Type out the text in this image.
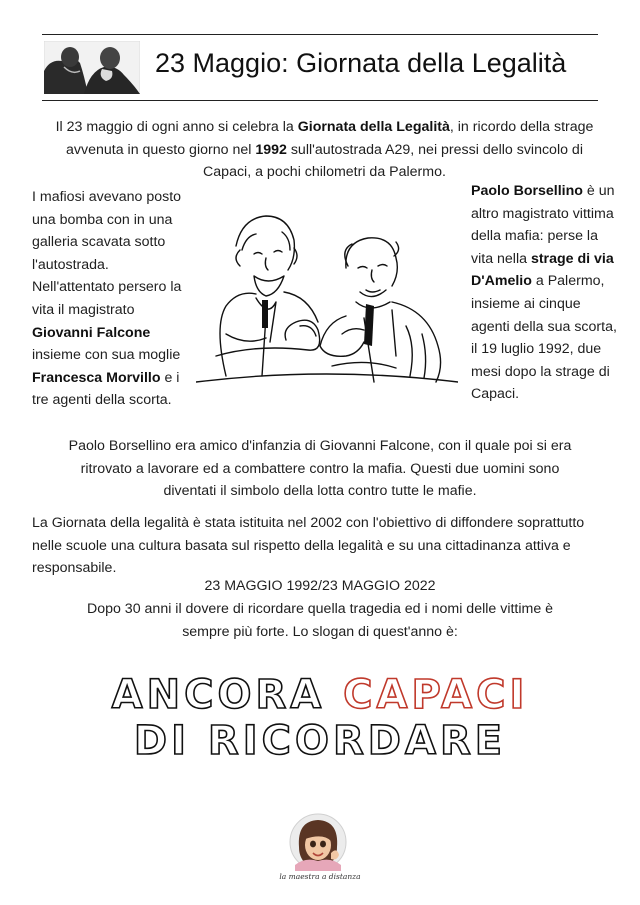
23 Maggio: Giornata della Legalità
Il 23 maggio di ogni anno si celebra la Giornata della Legalità, in ricordo della strage avvenuta in questo giorno nel 1992 sull'autostrada A29, nei pressi dello svincolo di Capaci, a pochi chilometri da Palermo.
I mafiosi avevano posto una bomba con in una galleria scavata sotto l'autostrada. Nell'attentato persero la vita il magistrato Giovanni Falcone insieme con sua moglie Francesca Morvillo e i tre agenti della scorta.
Paolo Borsellino è un altro magistrato vittima della mafia: perse la vita nella strage di via D'Amelio a Palermo, insieme ai cinque agenti della sua scorta, il 19 luglio 1992, due mesi dopo la strage di Capaci.
Paolo Borsellino era amico d'infanzia di Giovanni Falcone, con il quale poi si era ritrovato a lavorare ed a combattere contro la mafia. Questi due uomini sono diventati il simbolo della lotta contro tutte le mafie.
La Giornata della legalità è stata istituita nel 2002 con l'obiettivo di diffondere soprattutto nelle scuole una cultura basata sul rispetto della legalità e su una cittadinanza attiva e responsabile.
23 MAGGIO 1992/23 MAGGIO 2022
Dopo 30 anni il dovere di ricordare quella tragedia ed i nomi delle vittime è sempre più forte. Lo slogan di quest'anno è:
ANCORA CAPACI
DI RICORDARE
la maestra a distanza
